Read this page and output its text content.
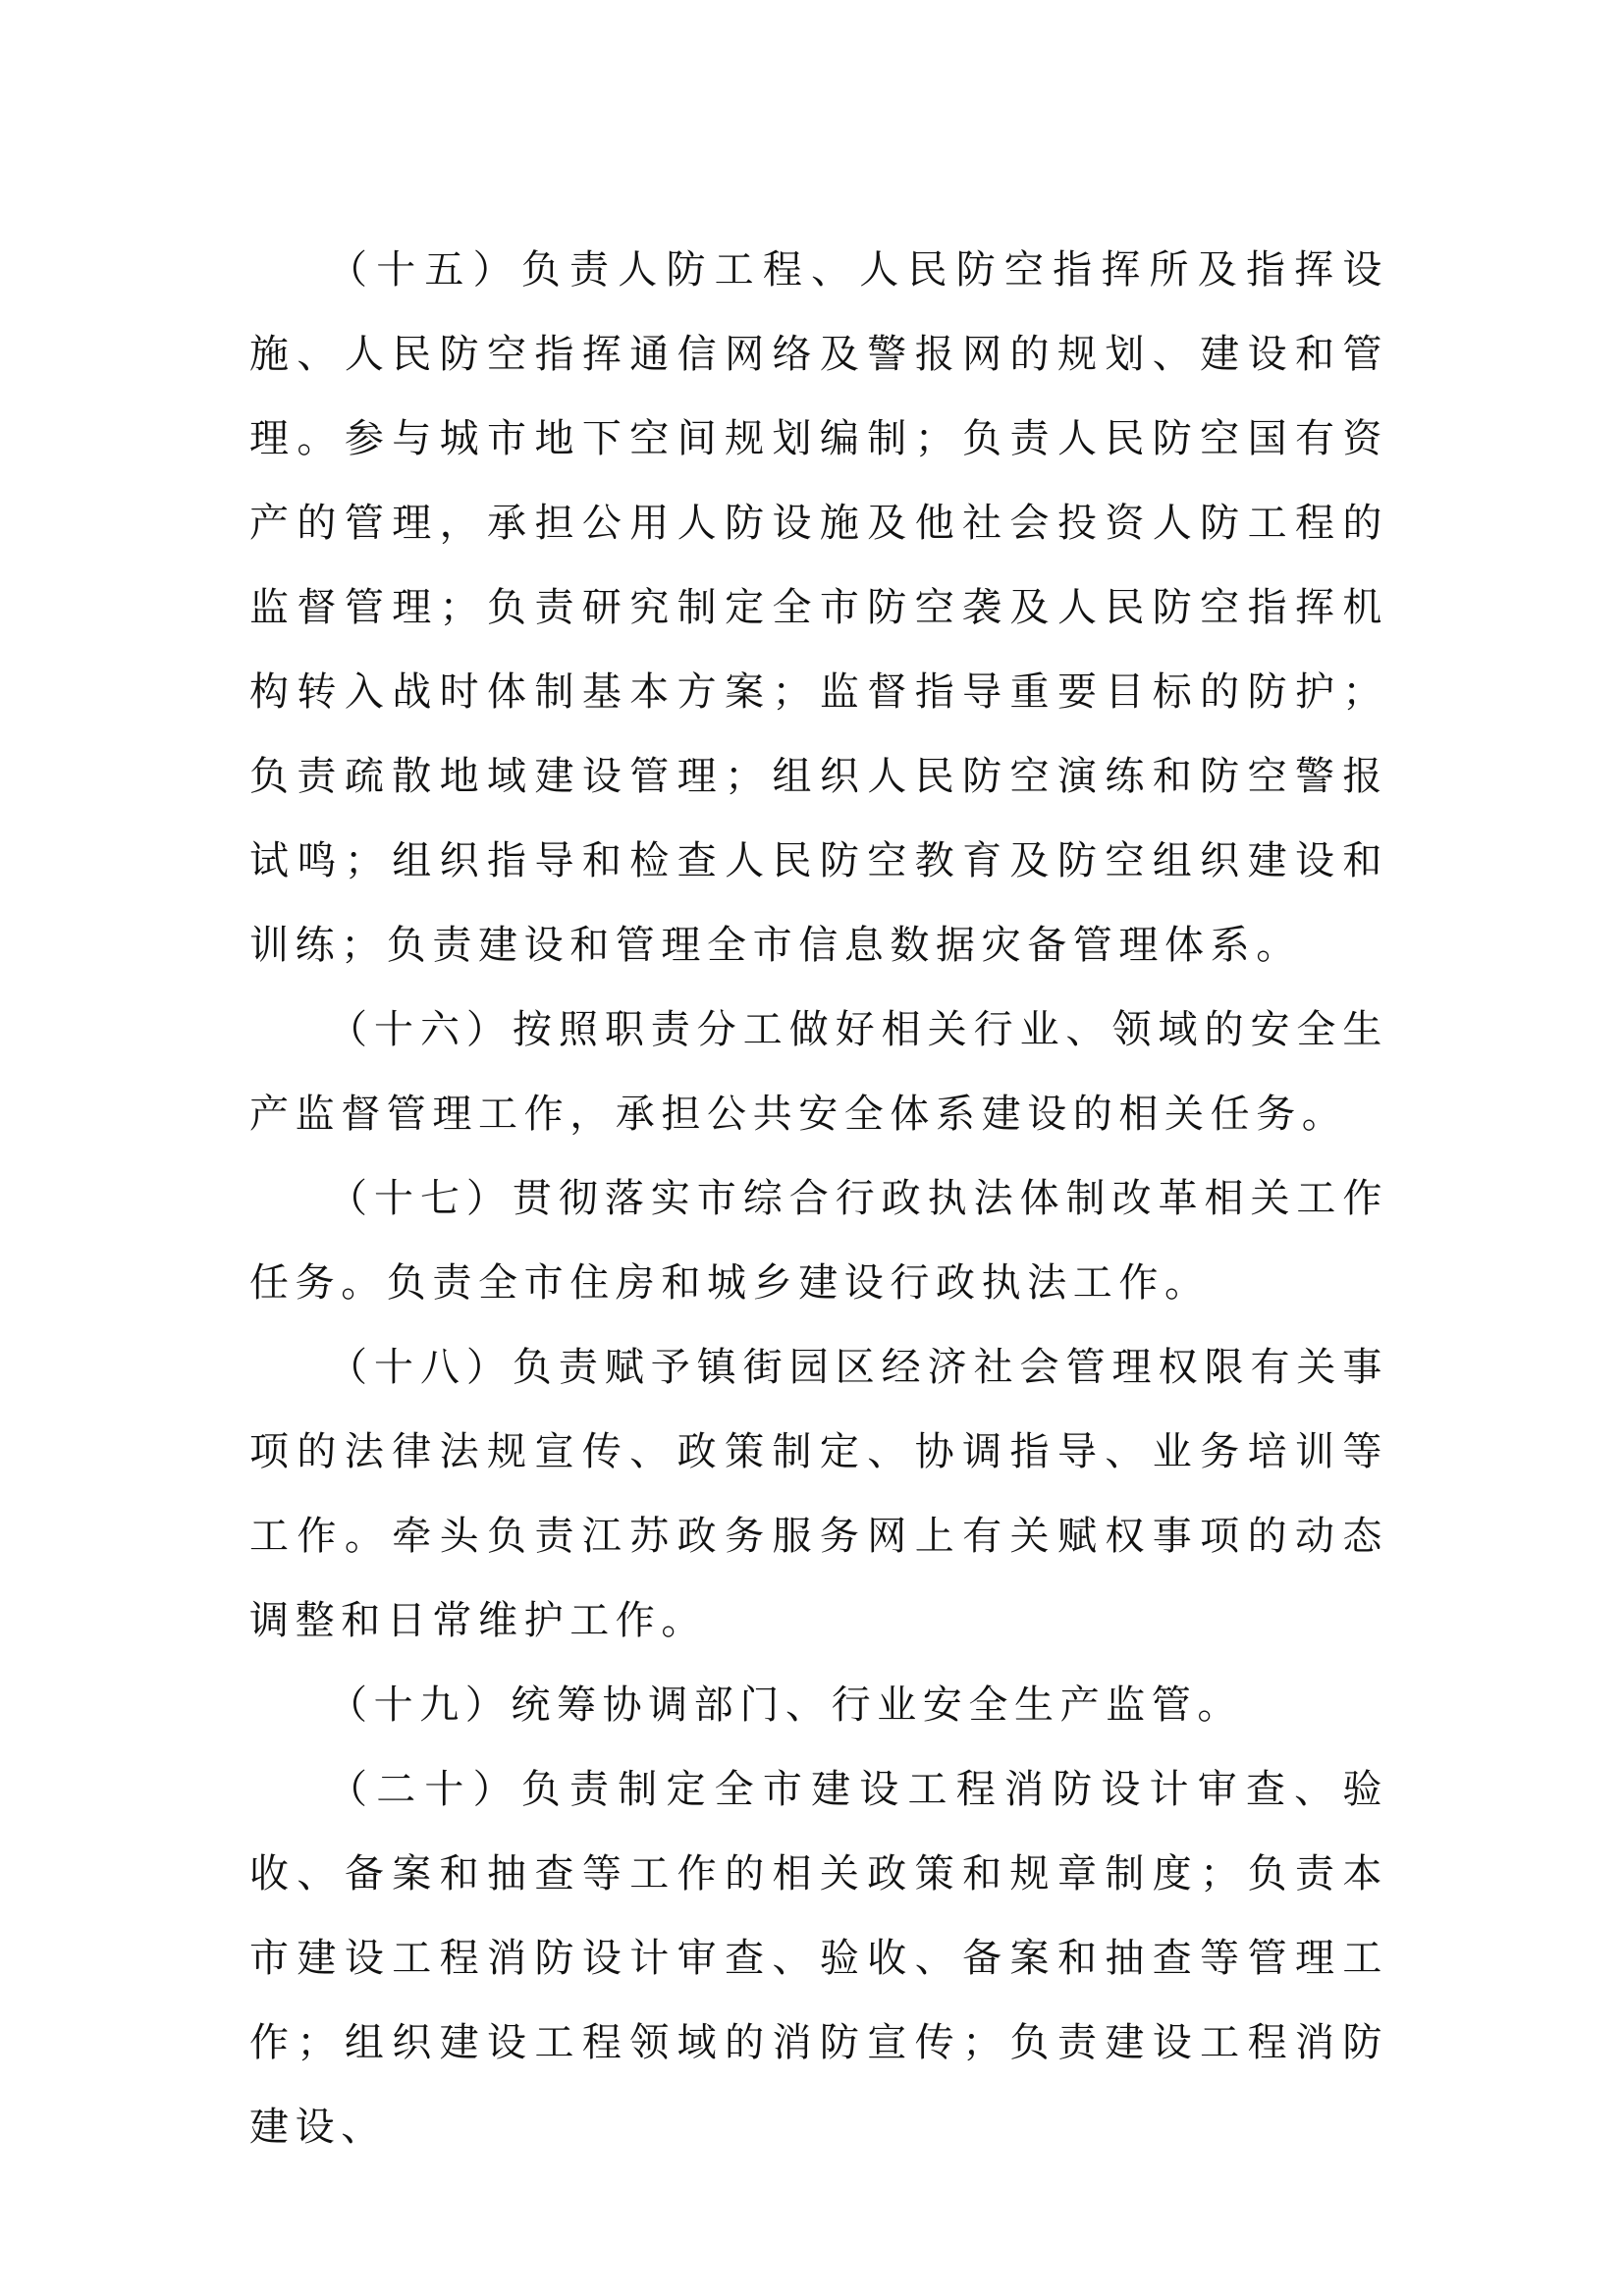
（十五）负责人防工程、人民防空指挥所及指挥设施、人民防空指挥通信网络及警报网的规划、建设和管理。参与城市地下空间规划编制；负责人民防空国有资产的管理，承担公用人防设施及他社会投资人防工程的监督管理；负责研究制定全市防空袭及人民防空指挥机构转入战时体制基本方案；监督指导重要目标的防护；负责疏散地域建设管理；组织人民防空演练和防空警报试鸣；组织指导和检查人民防空教育及防空组织建设和训练；负责建设和管理全市信息数据灾备管理体系。

（十六）按照职责分工做好相关行业、领域的安全生产监督管理工作，承担公共安全体系建设的相关任务。

（十七）贯彻落实市综合行政执法体制改革相关工作任务。负责全市住房和城乡建设行政执法工作。

（十八）负责赋予镇街园区经济社会管理权限有关事项的法律法规宣传、政策制定、协调指导、业务培训等工作。牵头负责江苏政务服务网上有关赋权事项的动态调整和日常维护工作。

（十九）统筹协调部门、行业安全生产监管。

（二十）负责制定全市建设工程消防设计审查、验收、备案和抽查等工作的相关政策和规章制度；负责本市建设工程消防设计审查、验收、备案和抽查等管理工作；组织建设工程领域的消防宣传；负责建设工程消防建设、
